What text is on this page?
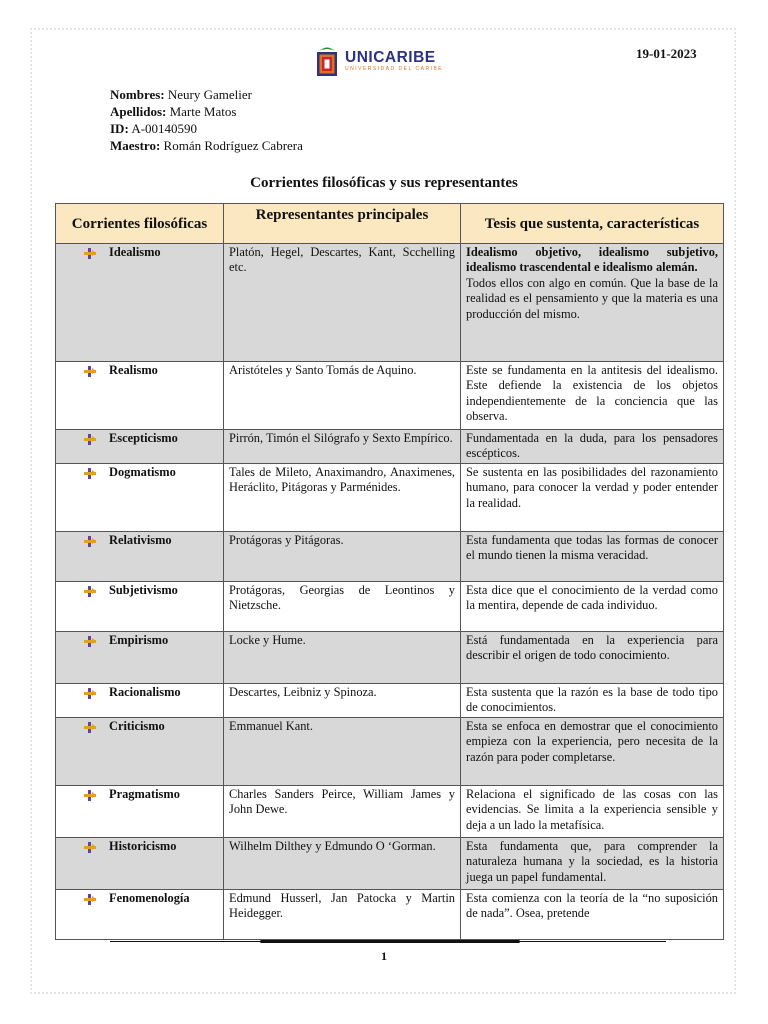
UNICARIBE
UNIVERSIDAD DEL CARIBE
19-01-2023
Nombres: Neury Gamelier
Apellidos: Marte Matos
ID: A-00140590
Maestro: Román Rodríguez Cabrera
Corrientes filosóficas y sus representantes
Corrientes filosóficas	Representantes principales	Tesis que sustenta, características

Idealismo	Platón, Hegel, Descartes, Kant, Scchelling etc.	Idealismo objetivo, idealismo subjetivo, idealismo trascendental e idealismo alemán.
Todos ellos con algo en común. Que la base de la realidad es el pensamiento y que la materia es una producción del mismo.

Realismo	Aristóteles y Santo Tomás de Aquino.	Este se fundamenta en la antitesis del idealismo. Este defiende la existencia de los objetos independientemente de la conciencia que las observa.

Escepticismo	Pirrón, Timón el Silógrafo y Sexto Empírico.	Fundamentada en la duda, para los pensadores escépticos.

Dogmatismo	Tales de Mileto, Anaximandro, Anaximenes, Heráclito, Pitágoras y Parménides.	Se sustenta en las posibilidades del razonamiento humano, para conocer la verdad y poder entender la realidad.

Relativismo	Protágoras y Pitágoras.	Esta fundamenta que todas las formas de conocer el mundo tienen la misma veracidad.

Subjetivismo	Protágoras, Georgias de Leontinos y Nietzsche.	Esta dice que el conocimiento de la verdad como la mentira, depende de cada individuo.

Empirismo	Locke y Hume.	Está fundamentada en la experiencia para describir el origen de todo conocimiento.

Racionalismo	Descartes, Leibniz y Spinoza.	Esta sustenta que la razón es la base de todo tipo de conocimientos.

Criticismo	Emmanuel Kant.	Esta se enfoca en demostrar que el conocimiento empieza con la experiencia, pero necesita de la razón para poder completarse.

Pragmatismo	Charles Sanders Peirce, William James y John Dewe.	Relaciona el significado de las cosas con las evidencias. Se limita a la experiencia sensible y deja a un lado la metafísica.

Historicismo	Wilhelm Dilthey y Edmundo O ‘Gorman.	Esta fundamenta que, para comprender la naturaleza humana y la sociedad, es la historia juega un papel fundamental.

Fenomenología	Edmund Husserl, Jan Patocka y Martin Heidegger.	Esta comienza con la teoría de la “no suposición de nada”. Osea, pretende
1
